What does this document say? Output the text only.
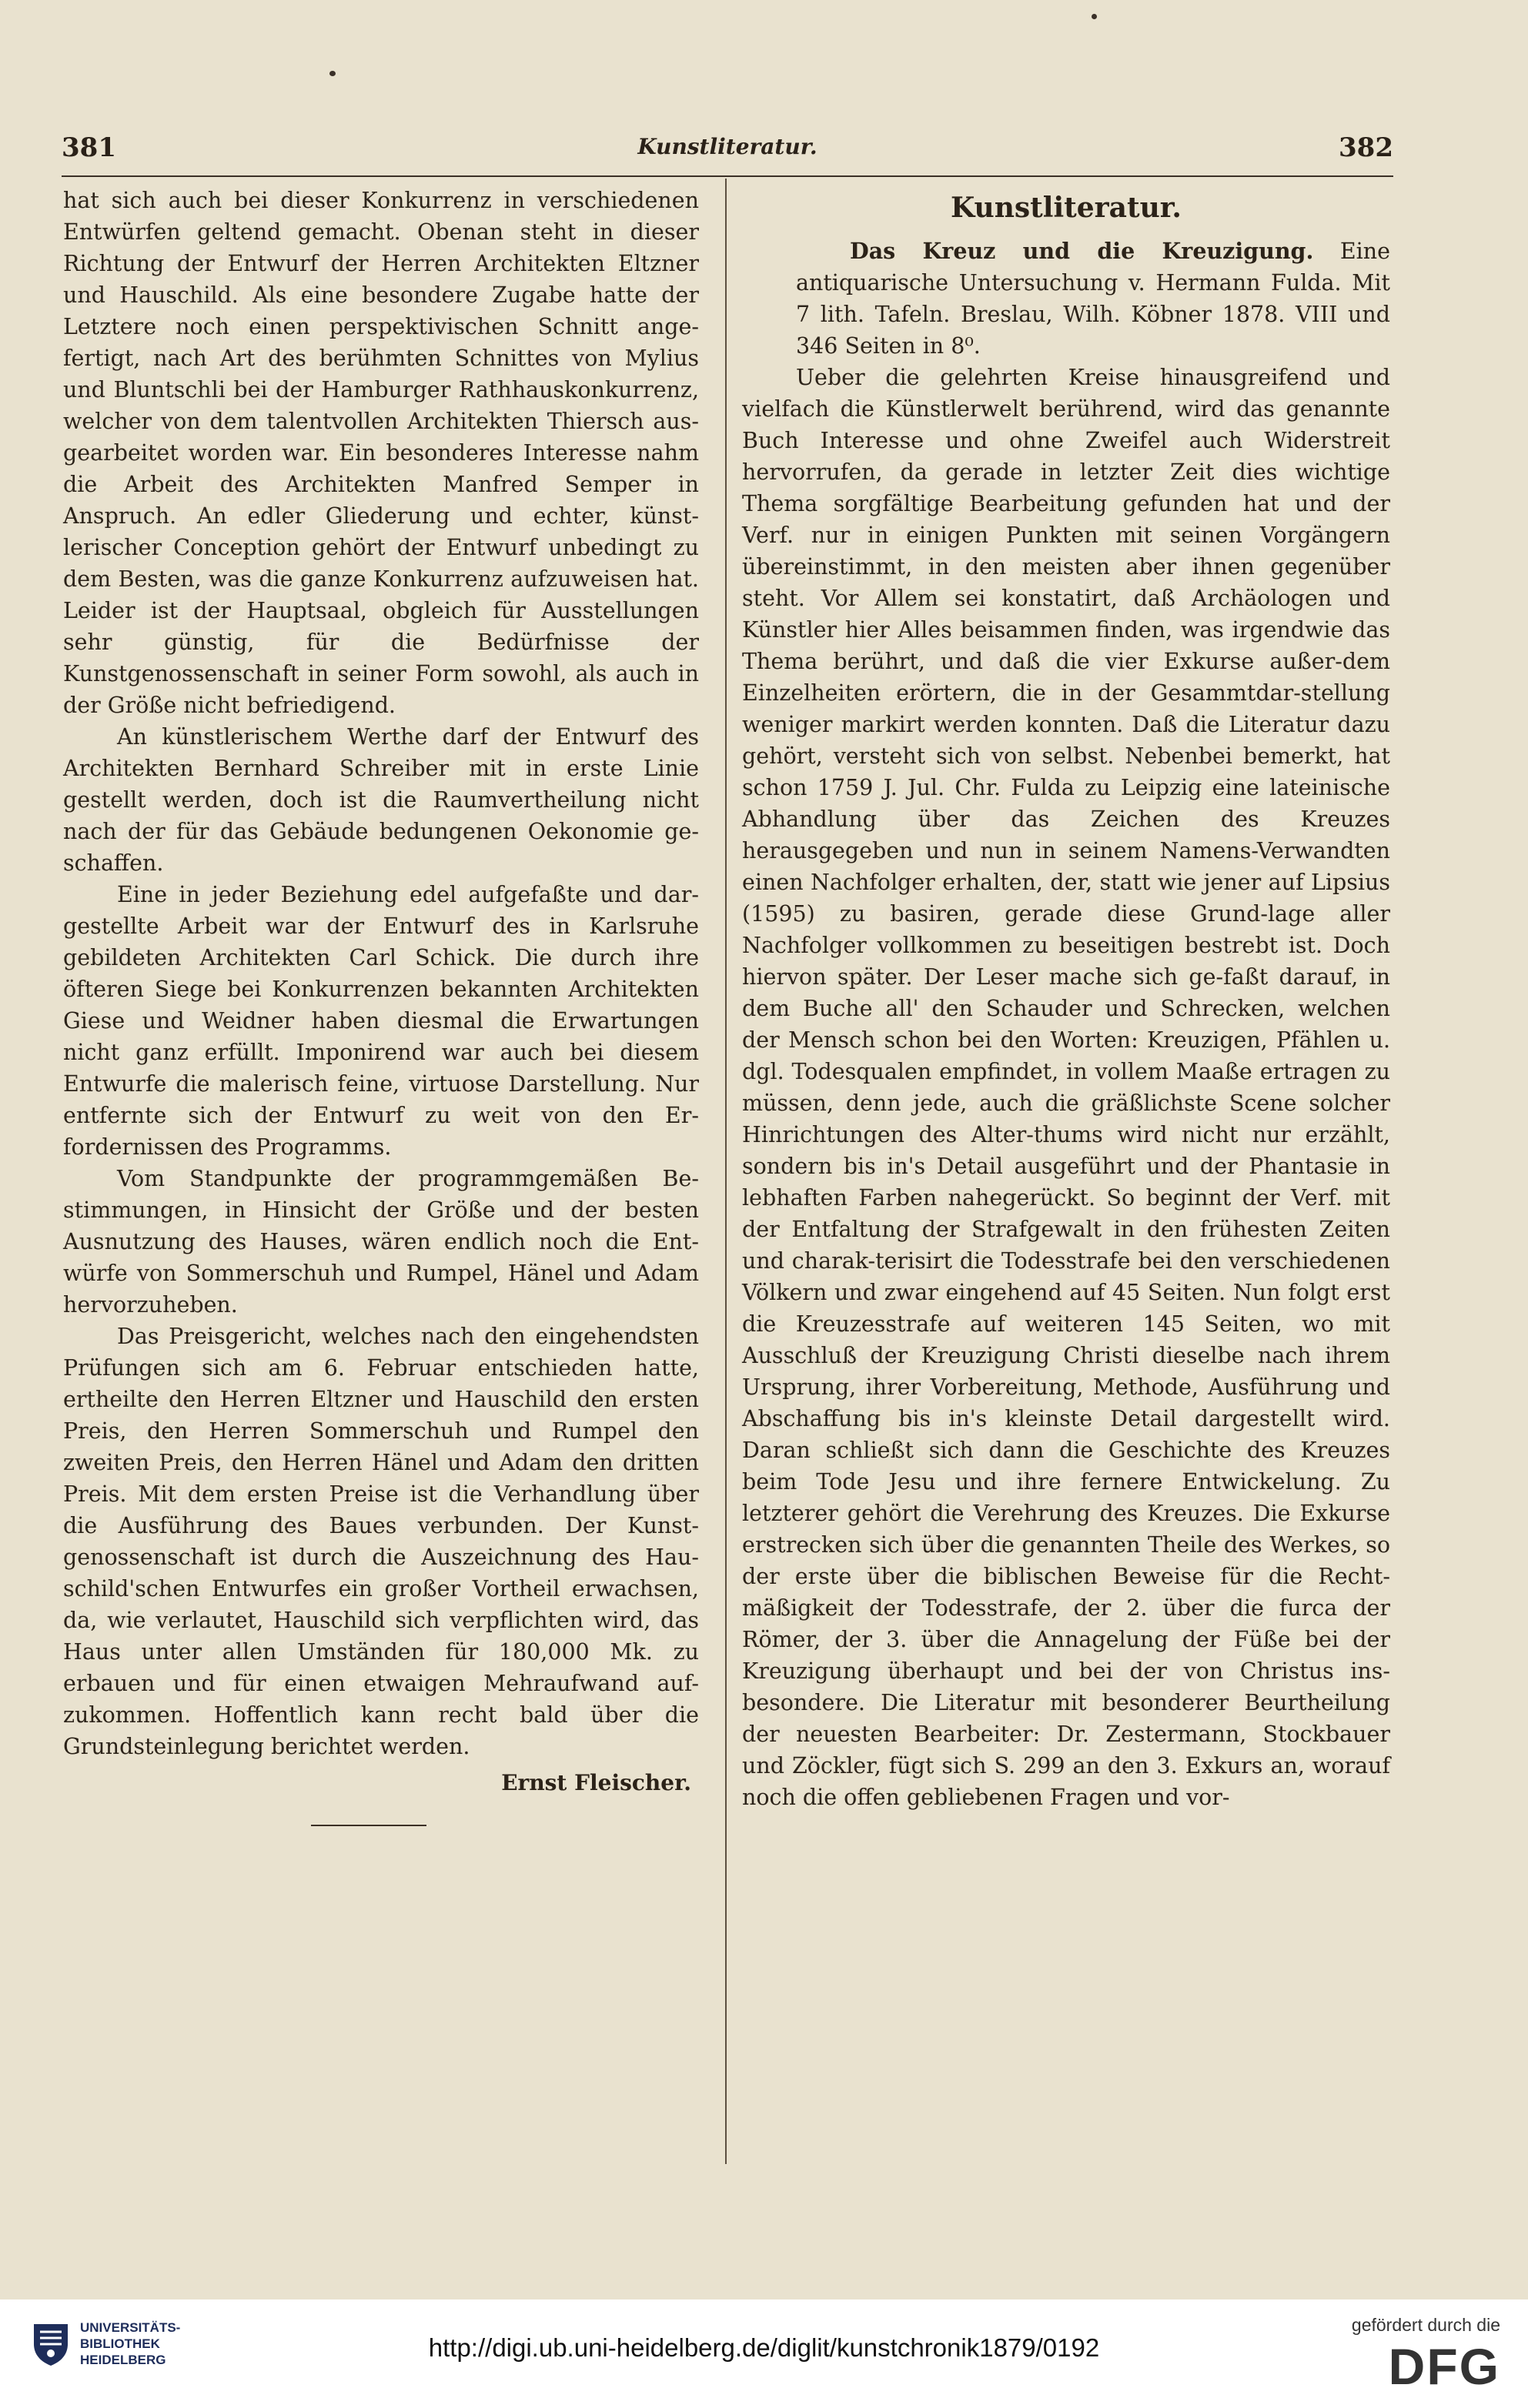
381	Kunstliteratur.	382

hat sich auch bei dieser Konkurrenz in verschiedenen Entwürfen geltend gemacht. Obenan steht in dieser Richtung der Entwurf der Herren Architekten Eltzner und Hauschild. Als eine besondere Zugabe hatte der Letztere noch einen perspektivischen Schnitt ange-fertigt, nach Art des berühmten Schnittes von Mylius und Bluntschli bei der Hamburger Rathhauskonkurrenz, welcher von dem talentvollen Architekten Thiersch aus-gearbeitet worden war. Ein besonderes Interesse nahm die Arbeit des Architekten Manfred Semper in Anspruch. An edler Gliederung und echter, künst-lerischer Conception gehört der Entwurf unbedingt zu dem Besten, was die ganze Konkurrenz aufzuweisen hat. Leider ist der Hauptsaal, obgleich für Ausstellungen sehr günstig, für die Bedürfnisse der Kunstgenossenschaft in seiner Form sowohl, als auch in der Größe nicht befriedigend.

An künstlerischem Werthe darf der Entwurf des Architekten Bernhard Schreiber mit in erste Linie gestellt werden, doch ist die Raumvertheilung nicht nach der für das Gebäude bedungenen Oekonomie ge-schaffen.

Eine in jeder Beziehung edel aufgefaßte und dar-gestellte Arbeit war der Entwurf des in Karlsruhe gebildeten Architekten Carl Schick. Die durch ihre öfteren Siege bei Konkurrenzen bekannten Architekten Giese und Weidner haben diesmal die Erwartungen nicht ganz erfüllt. Imponirend war auch bei diesem Entwurfe die malerisch feine, virtuose Darstellung. Nur entfernte sich der Entwurf zu weit von den Er-fordernissen des Programms.

Vom Standpunkte der programmgemäßen Be-stimmungen, in Hinsicht der Größe und der besten Ausnutzung des Hauses, wären endlich noch die Ent-würfe von Sommerschuh und Rumpel, Hänel und Adam hervorzuheben.

Das Preisgericht, welches nach den eingehendsten Prüfungen sich am 6. Februar entschieden hatte, ertheilte den Herren Eltzner und Hauschild den ersten Preis, den Herren Sommerschuh und Rumpel den zweiten Preis, den Herren Hänel und Adam den dritten Preis. Mit dem ersten Preise ist die Verhandlung über die Ausführung des Baues verbunden. Der Kunst-genossenschaft ist durch die Auszeichnung des Hau-schild'schen Entwurfes ein großer Vortheil erwachsen, da, wie verlautet, Hauschild sich verpflichten wird, das Haus unter allen Umständen für 180,000 Mk. zu erbauen und für einen etwaigen Mehraufwand auf-zukommen. Hoffentlich kann recht bald über die Grundsteinlegung berichtet werden.

Ernst Fleischer.
Kunstliteratur.

Das Kreuz und die Kreuzigung. Eine antiquarische Untersuchung v. Hermann Fulda. Mit 7 lith. Tafeln. Breslau, Wilh. Köbner 1878. VIII und 346 Seiten in 8⁰.

Ueber die gelehrten Kreise hinausgreifend und vielfach die Künstlerwelt berührend, wird das genannte Buch Interesse und ohne Zweifel auch Widerstreit hervorrufen, da gerade in letzter Zeit dies wichtige Thema sorgfältige Bearbeitung gefunden hat und der Verf. nur in einigen Punkten mit seinen Vorgängern übereinstimmt, in den meisten aber ihnen gegenüber steht. Vor Allem sei konstatirt, daß Archäologen und Künstler hier Alles beisammen finden, was irgendwie das Thema berührt, und daß die vier Exkurse außer-dem Einzelheiten erörtern, die in der Gesammtdar-stellung weniger markirt werden konnten. Daß die Literatur dazu gehört, versteht sich von selbst. Nebenbei bemerkt, hat schon 1759 J. Jul. Chr. Fulda zu Leipzig eine lateinische Abhandlung über das Zeichen des Kreuzes herausgegeben und nun in seinem Namens-Verwandten einen Nachfolger erhalten, der, statt wie jener auf Lipsius (1595) zu basiren, gerade diese Grund-lage aller Nachfolger vollkommen zu beseitigen bestrebt ist. Doch hiervon später. Der Leser mache sich ge-faßt darauf, in dem Buche all' den Schauder und Schrecken, welchen der Mensch schon bei den Worten: Kreuzigen, Pfählen u. dgl. Todesqualen empfindet, in vollem Maaße ertragen zu müssen, denn jede, auch die gräßlichste Scene solcher Hinrichtungen des Alter-thums wird nicht nur erzählt, sondern bis in's Detail ausgeführt und der Phantasie in lebhaften Farben nahegerückt. So beginnt der Verf. mit der Entfaltung der Strafgewalt in den frühesten Zeiten und charak-terisirt die Todesstrafe bei den verschiedenen Völkern und zwar eingehend auf 45 Seiten. Nun folgt erst die Kreuzesstrafe auf weiteren 145 Seiten, wo mit Ausschluß der Kreuzigung Christi dieselbe nach ihrem Ursprung, ihrer Vorbereitung, Methode, Ausführung und Abschaffung bis in's kleinste Detail dargestellt wird. Daran schließt sich dann die Geschichte des Kreuzes beim Tode Jesu und ihre fernere Entwickelung. Zu letzterer gehört die Verehrung des Kreuzes. Die Exkurse erstrecken sich über die genannten Theile des Werkes, so der erste über die biblischen Beweise für die Recht-mäßigkeit der Todesstrafe, der 2. über die furca der Römer, der 3. über die Annagelung der Füße bei der Kreuzigung überhaupt und bei der von Christus ins-besondere. Die Literatur mit besonderer Beurtheilung der neuesten Bearbeiter: Dr. Zestermann, Stockbauer und Zöckler, fügt sich S. 299 an den 3. Exkurs an, worauf noch die offen gebliebenen Fragen und vor-

UNIVERSITÄTS-
BIBLIOTHEK
HEIDELBERG	http://digi.ub.uni-heidelberg.de/diglit/kunstchronik1879/0192
gefördert durch die
DFG
